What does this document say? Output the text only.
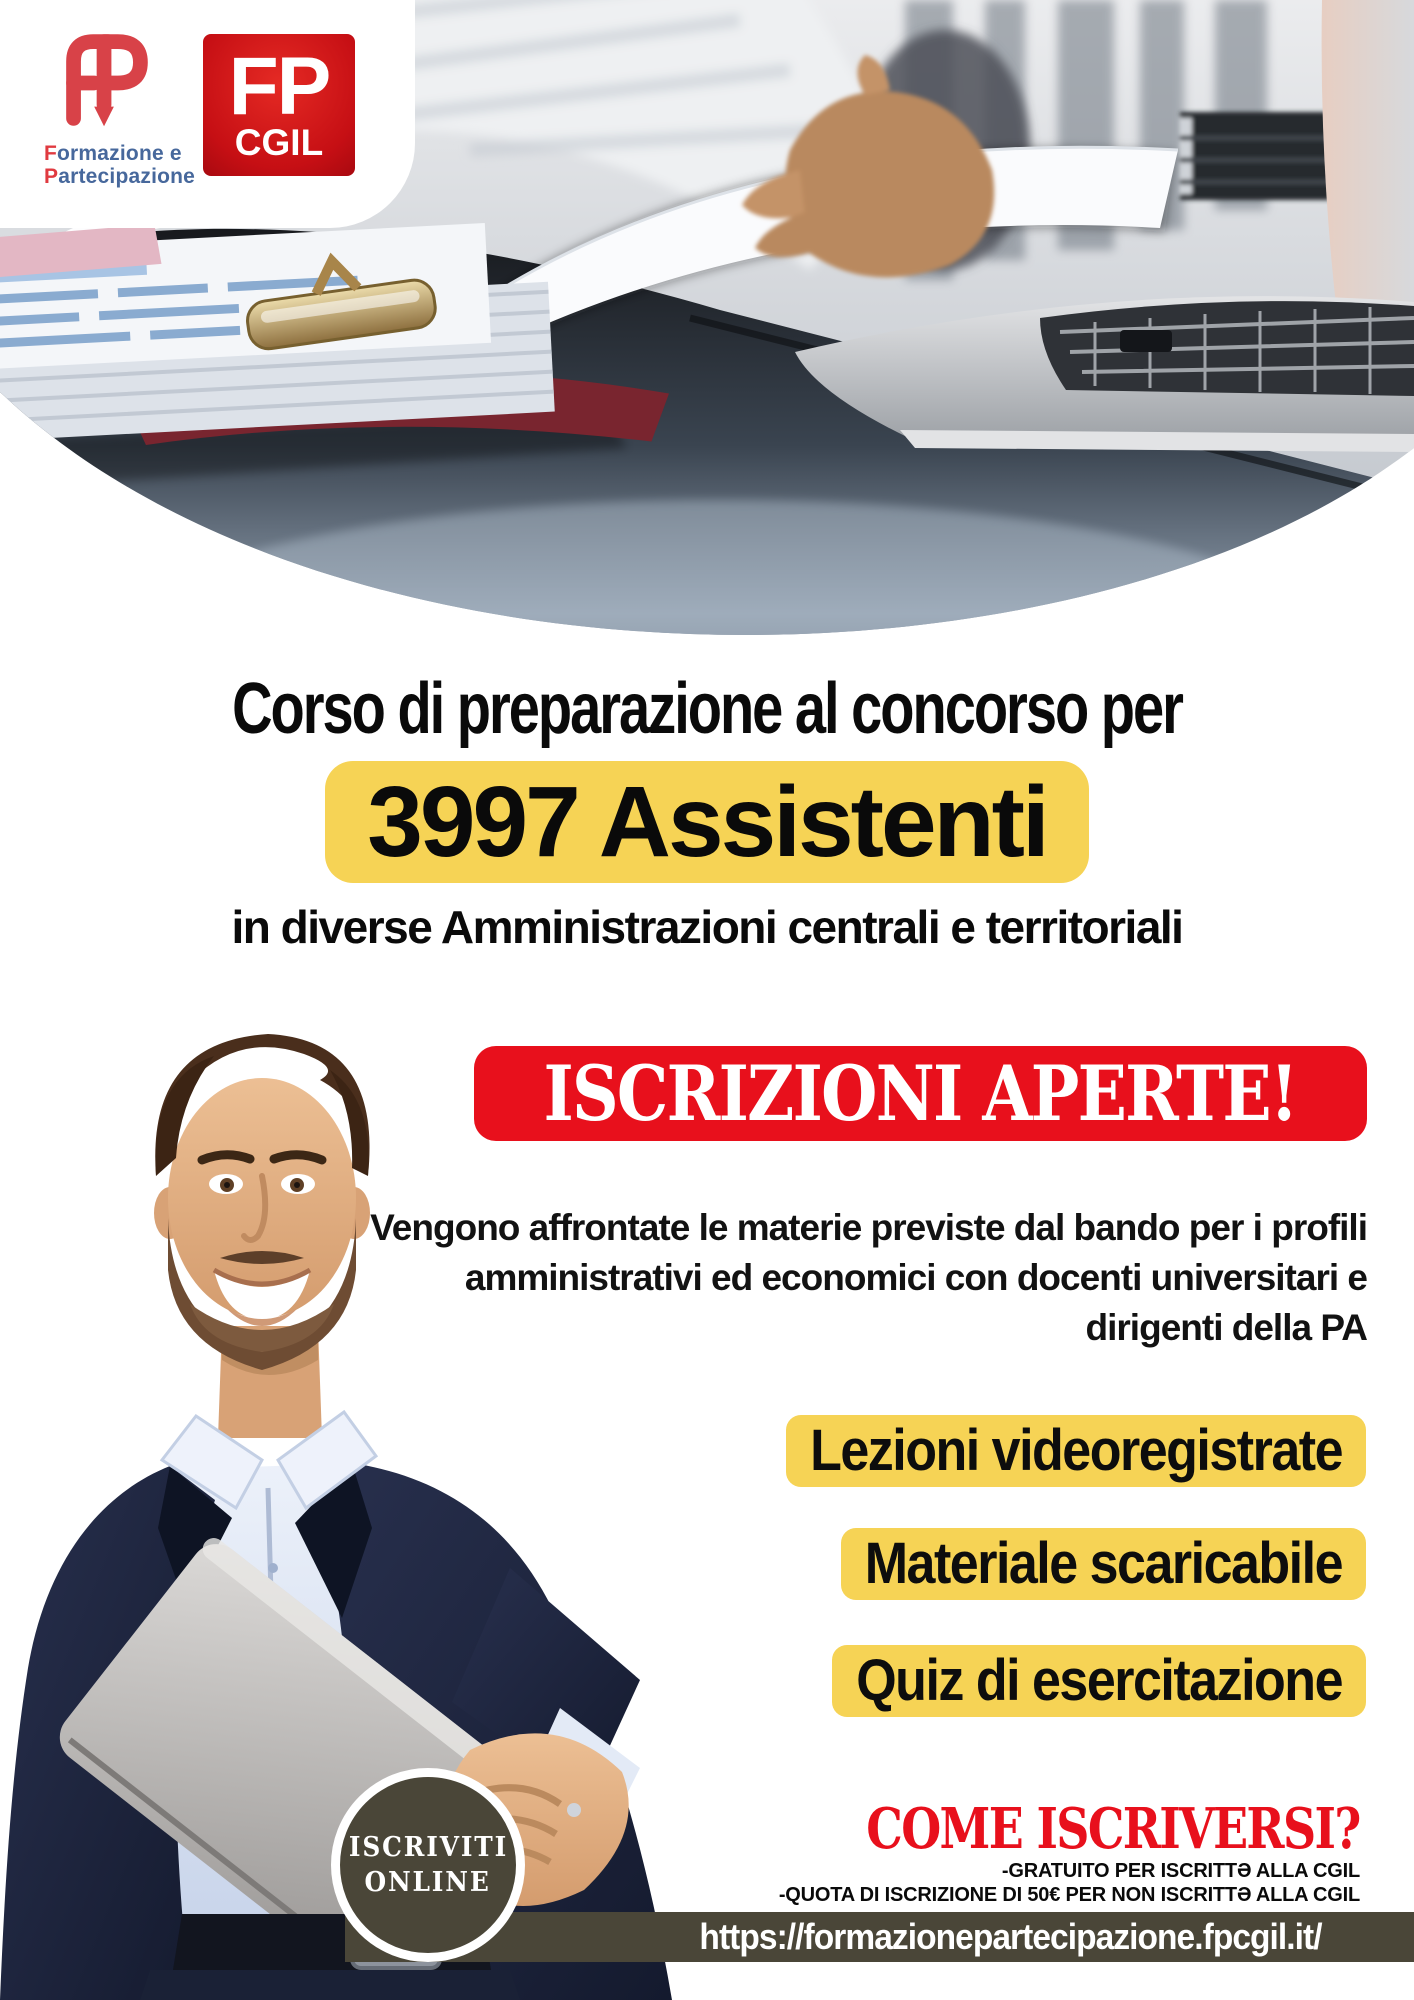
Formazione e
Partecipazione
FP
CGIL
Corso di preparazione al concorso per
3997 Assistenti
in diverse Amministrazioni centrali e territoriali
ISCRIZIONI APERTE!
Vengono affrontate le materie previste dal bando per i profili amministrativi ed economici con docenti universitari e dirigenti della PA
Lezioni videoregistrate
Materiale scaricabile
Quiz di esercitazione
COME ISCRIVERSI?
-GRATUITO PER ISCRITTƏ ALLA CGIL
-QUOTA DI ISCRIZIONE DI 50€ PER NON ISCRITTƏ ALLA CGIL
https://formazionepartecipazione.fpcgil.it/
ISCRIVITI
ONLINE
